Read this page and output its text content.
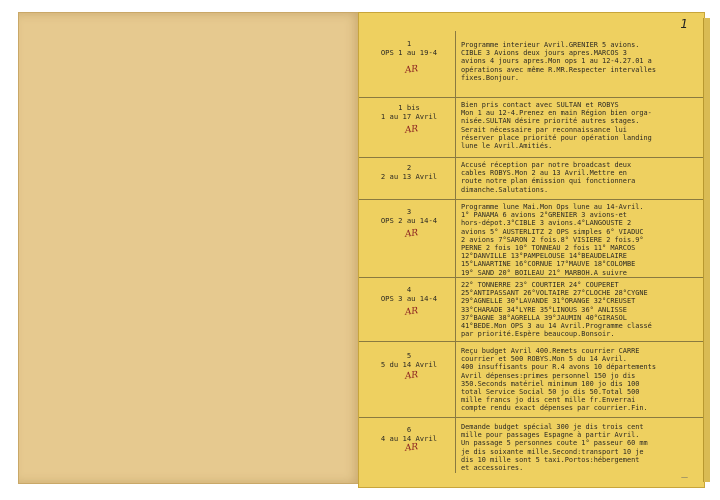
1
1
OPS 1 au 19-4
AR
Programme interieur Avril.GRENIER 5 avions.
CIBLE 3 Avions deux jours apres.MARCOS 3
avions 4 jours apres.Mon ops 1 au 12-4.27.01 a
opérations avec même R.MR.Respecter intervalles
fixes.Bonjour.
1 bis
1 au 17 Avril
AR
Bien pris contact avec SULTAN et ROBYS
Mon 1 au 12-4.Prenez en main Région bien orga-
nisée.SULTAN désire priorité autres stages.
Serait nécessaire par reconnaissance lui
réserver place priorité pour opération landing
lune le Avril.Amitiés.
2
2 au 13 Avril
Accusé réception par notre broadcast deux
cables ROBYS.Mon 2 au 13 Avril.Mettre en
route notre plan émission qui fonctionnera
dimanche.Salutations.
3
OPS 2 au 14-4
AR
Programme lune Mai.Mon Ops lune au 14-Avril.
1° PANAMA 6 avions 2°GRENIER 3 avions-et
hors-dépot.3°CIBLE 3 avions.4°LANGOUSTE 2
avions 5° AUSTERLITZ 2 OPS simples 6° VIADUC
2 avions 7°SARON 2 fois.8° VISIERE 2 fois.9°
PERNE 2 fois 10° TONNEAU 2 fois 11° MARCOS
12°DANVILLE 13°PAMPELOUSE 14°BEAUDELAIRE
15°LANARTINE 16°CORNUE 17°MAUVE 18°COLOMBE
19° SAND 20° BOILEAU 21° MARBOH.A suivre
4
OPS 3 au 14-4
AR
22° TONNERRE 23° COURTIER 24° COUPERET
25°ANTIPASSANT 26°VOLTAIRE 27°CLOCHE 28°CYGNE
29°AGNELLE 30°LAVANDE 31°ORANGE 32°CREUSET
33°CHARADE 34°LYRE 35°LINOUS 36° ANLISSE
37°BAGNE 38°AGRELLA 39°JAUMIN 40°GIRASOL
41°BEDE.Mon OPS 3 au 14 Avril.Programme classé
par priorité.Espère beaucoup.Bonsoir.
5
5 du 14 Avril
AR
Reçu budget Avril 400.Remets courrier CARRE
courrier et 500 ROBYS.Mon 5 du 14 Avril.
400 insuffisants pour R.4 avons 10 départements
Avril dépenses:primes personnel 150 jo dis
350.Seconds matériel minimum 100 jo dis 100
total Service Social 50 jo dis 50.Total 500
mille francs jo dis cent mille fr.Enverrai
compte rendu exact dépenses par courrier.Fin.
6
4 au 14 Avril
AR
Demande budget spécial 300 je dis trois cent
mille pour passages Espagne à partir Avril.
Un passage 5 personnes coute 1° passeur 60 mm
je dis soixante mille.Second:transport 10 je
dis 10 mille sont 5 taxi.Portos:hébergement
et accessoires.
—
